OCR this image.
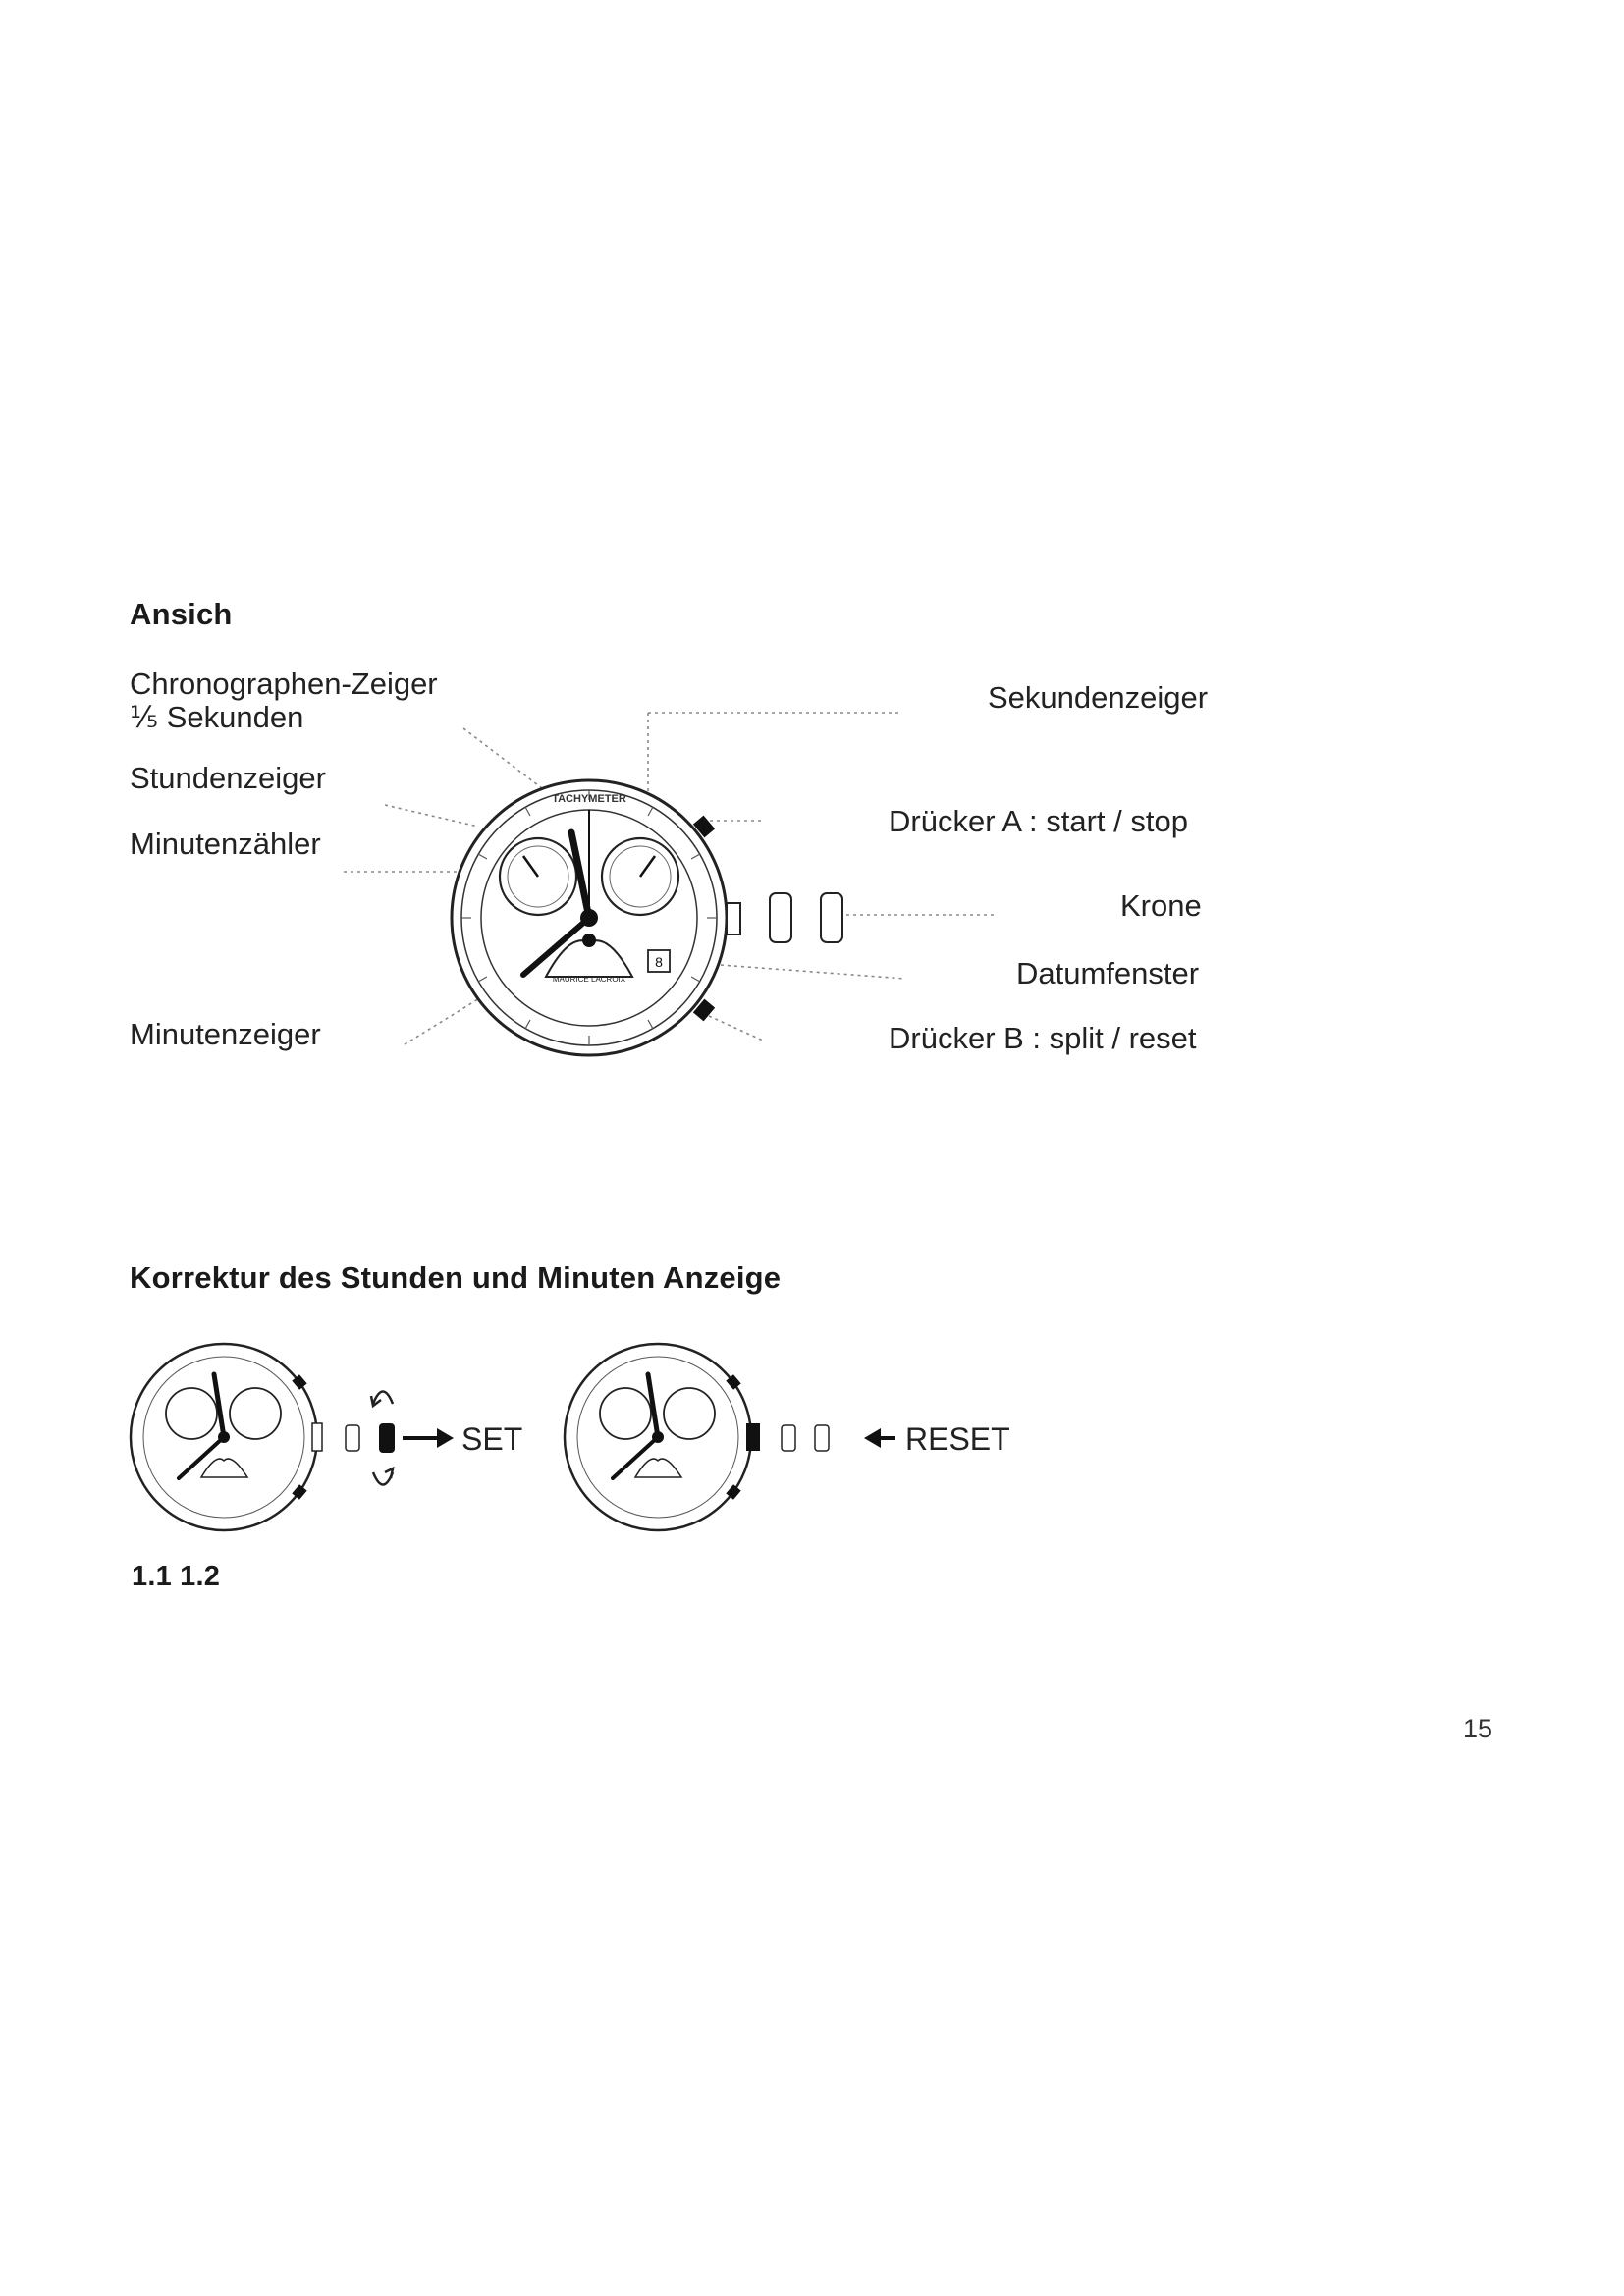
Ansich
Korrektur des Stunden und Minuten Anzeige
1.1 1.2
Chronographen-Zeiger
⅕ Sekunden
Stundenzeiger
Minutenzähler
Minutenzeiger
Sekundenzeiger
Drücker A : start / stop
Krone
Datumfenster
Drücker B : split / reset
TACHYMETER
MAURICE LACROIX
8
SET	RESET
15
